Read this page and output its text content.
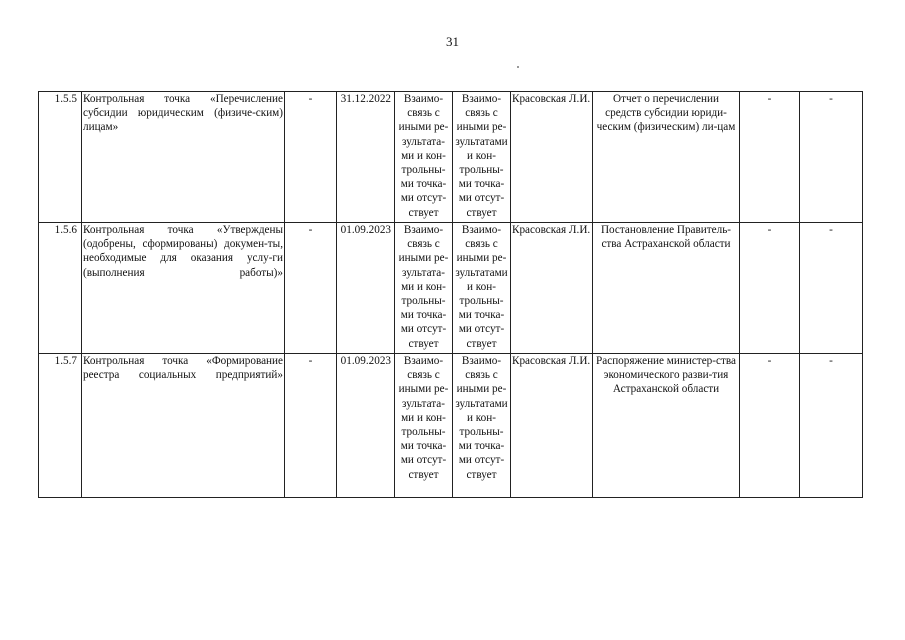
31
1.5.5	Контрольная точка «Перечисление субсидии юридическим (физиче-ским) лицам»	-	31.12.2022	Взаимо-связь с иными ре-зультата-ми и кон-трольны-ми точка-ми отсут-ствует	Взаимо-связь с иными ре-зультатами и кон-трольны-ми точка-ми отсут-ствует	Красовская Л.И.	Отчет о перечислении средств субсидии юриди-ческим (физическим) ли-цам	-	-
1.5.6	Контрольная точка «Утверждены (одобрены, сформированы) докумен-ты, необходимые для оказания услу-ги (выполнения работы)»	-	01.09.2023	Взаимо-связь с иными ре-зультата-ми и кон-трольны-ми точка-ми отсут-ствует	Взаимо-связь с иными ре-зультатами и кон-трольны-ми точка-ми отсут-ствует	Красовская Л.И.	Постановление Правитель-ства Астраханской области	-	-
1.5.7	Контрольная точка «Формирование реестра социальных предприятий»	-	01.09.2023	Взаимо-связь с иными ре-зультата-ми и кон-трольны-ми точка-ми отсут-ствует	Взаимо-связь с иными ре-зультатами и кон-трольны-ми точка-ми отсут-ствует	Красовская Л.И.	Распоряжение министер-ства экономического разви-тия Астраханской области	-	-
